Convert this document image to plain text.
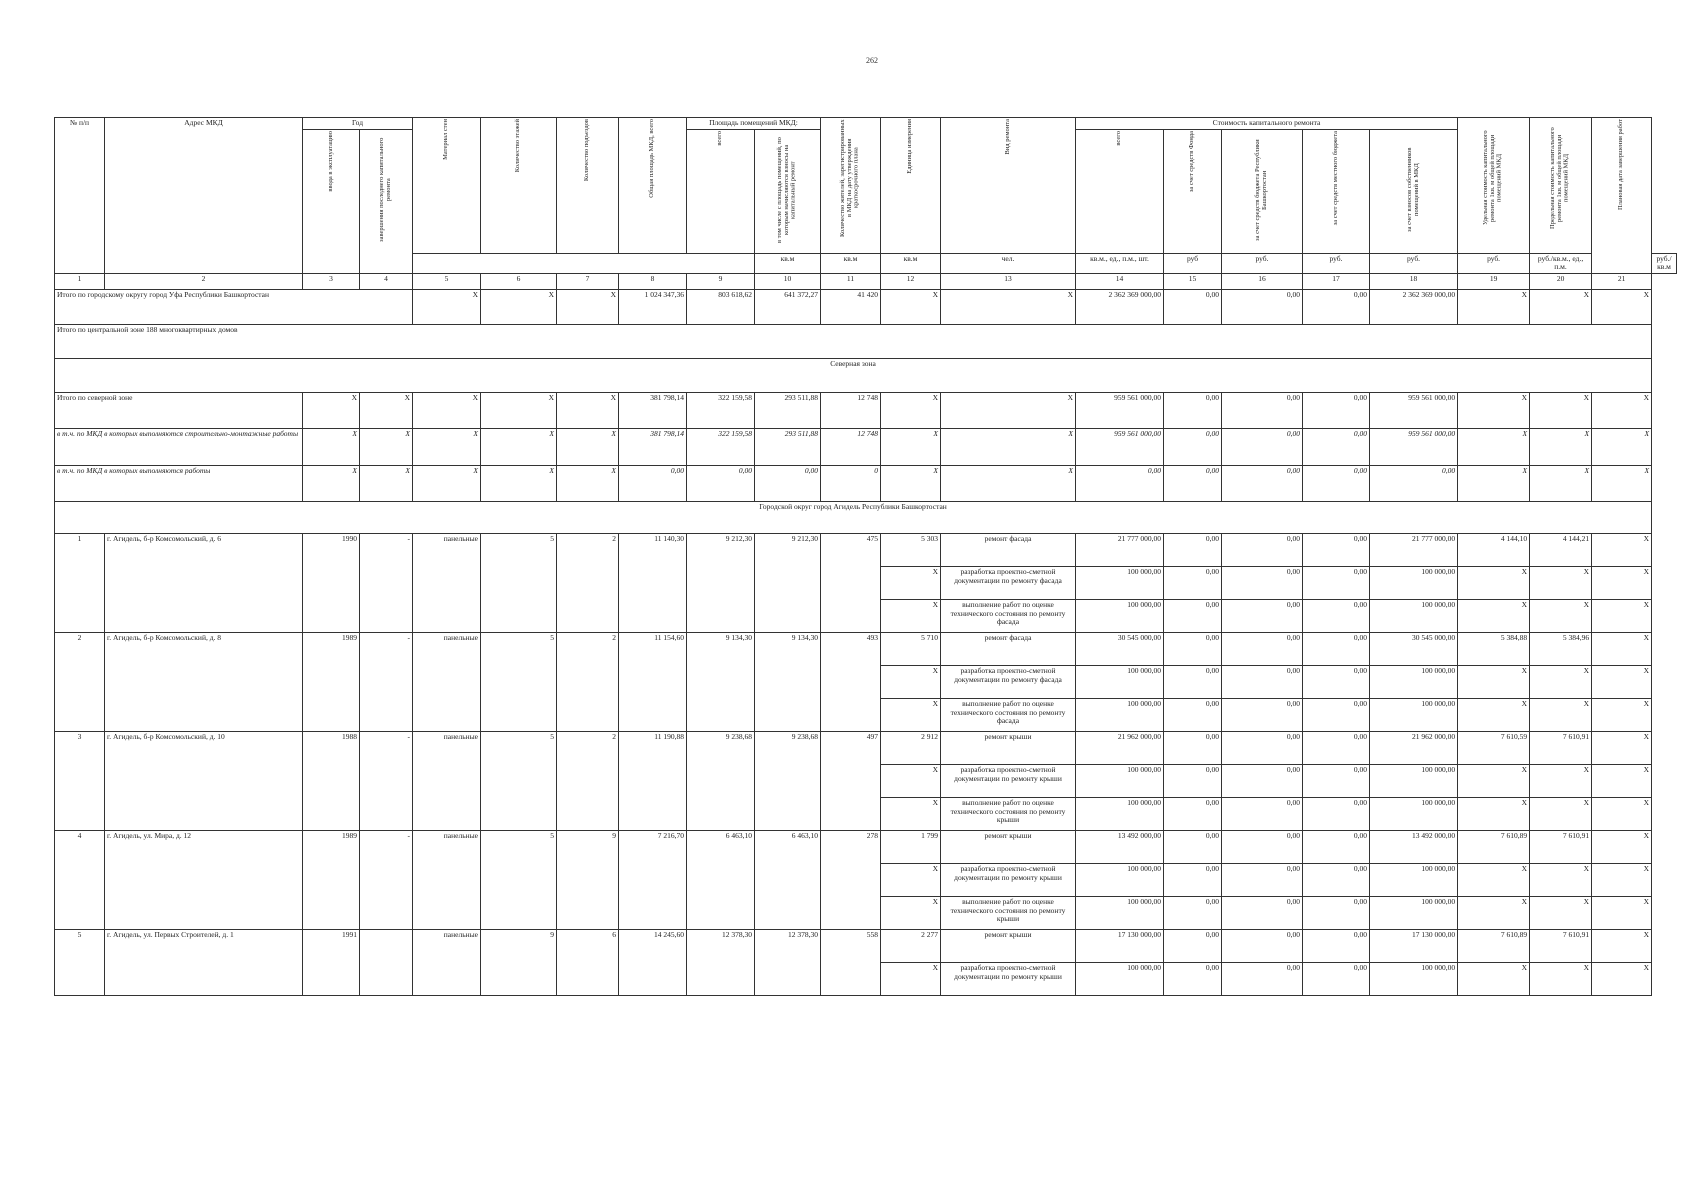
262
№ п/п	Адрес МКД	Год		Материал стен	Количество этажей	Количество подъездов	Общая площадь МКД, всего	Площадь помещений МКД:		Количество жителей, зарегистрированных в МКД на дату утверждения краткосрочного плана	Единица измерения	Вид ремонта	Стоимость капитального ремонта					Удельная стоимость капитального ремонта 1кв. м общей площади помещений МКД	Предельная стоимость капитального ремонта 1кв. м общей площади помещений МКД	Плановая дата завершения работ	
		ввода в эксплуатацию	завершения последнего капитального ремонта					всего	в том числе с площадь помещений, по которым начисляются взносы на капитальный ремонт				всего	за счет средств Фонда	за счет средств бюджета Республики Башкортостан	за счет средств местного бюджета	за счет взносов собственников помещений в МКД				
									кв.м	кв.м	кв.м	чел.	кв.м., ед., п.м., шт.	руб	руб.	руб.	руб.	руб.	руб./кв.м., ед., п.м.		руб./кв.м
1	2	3	4	5	6	7	8	9	10	11	12	13	14	15	16	17	18	19	20	21	
Итого по городскому округу город Уфа Республики Башкортостан				X	X	X	1 024 347,36	803 618,62	641 372,27	41 420	X	X	2 362 369 000,00	0,00	0,00	0,00	2 362 369 000,00	X	X	X	
Итого по центральной зоне 188 многоквартирных домов																					
Северная зона																					
Итого по северной зоне		X	X	X	X	X	381 798,14	322 159,58	293 511,88	12 748	X	X	959 561 000,00	0,00	0,00	0,00	959 561 000,00	X	X	X	
в т.ч. по МКД в которых выполняются строительно-монтажные работы		X	X	X	X	X	381 798,14	322 159,58	293 511,88	12 748	X	X	959 561 000,00	0,00	0,00	0,00	959 561 000,00	X	X	X	
в т.ч. по МКД в которых выполняются работы		X	X	X	X	X	0,00	0,00	0,00	0	X	X	0,00	0,00	0,00	0,00	0,00	X	X	X	
Городской округ город Агидель Республики Башкортостан																					
1	г. Агидель, б-р Комсомольский, д. 6	1990	-	панельные	5	2	11 140,30	9 212,30	9 212,30	475	5 303	ремонт фасада	21 777 000,00	0,00	0,00	0,00	21 777 000,00	4 144,10	4 144,21	X	
											X	разработка проектно-сметной документации по ремонту фасада	100 000,00	0,00	0,00	0,00	100 000,00	X	X	X	
											X	выполнение работ по оценке технического состояния по ремонту фасада	100 000,00	0,00	0,00	0,00	100 000,00	X	X	X	
2	г. Агидель, б-р Комсомольский, д. 8	1989	-	панельные	5	2	11 154,60	9 134,30	9 134,30	493	5 710	ремонт фасада	30 545 000,00	0,00	0,00	0,00	30 545 000,00	5 384,88	5 384,96	X	
											X	разработка проектно-сметной документации по ремонту фасада	100 000,00	0,00	0,00	0,00	100 000,00	X	X	X	
											X	выполнение работ по оценке технического состояния по ремонту фасада	100 000,00	0,00	0,00	0,00	100 000,00	X	X	X	
3	г. Агидель, б-р Комсомольский, д. 10	1988	-	панельные	5	2	11 190,88	9 238,68	9 238,68	497	2 912	ремонт крыши	21 962 000,00	0,00	0,00	0,00	21 962 000,00	7 610,59	7 610,91	X	
											X	разработка проектно-сметной документации по ремонту крыши	100 000,00	0,00	0,00	0,00	100 000,00	X	X	X	
											X	выполнение работ по оценке технического состояния по ремонту крыши	100 000,00	0,00	0,00	0,00	100 000,00	X	X	X	
4	г. Агидель, ул. Мира, д. 12	1989	-	панельные	5	9	7 216,70	6 463,10	6 463,10	278	1 799	ремонт крыши	13 492 000,00	0,00	0,00	0,00	13 492 000,00	7 610,89	7 610,91	X	
											X	разработка проектно-сметной документации по ремонту крыши	100 000,00	0,00	0,00	0,00	100 000,00	X	X	X	
											X	выполнение работ по оценке технического состояния по ремонту крыши	100 000,00	0,00	0,00	0,00	100 000,00	X	X	X	
5	г. Агидель, ул. Первых Строителей, д. 1	1991		панельные	9	6	14 245,60	12 378,30	12 378,30	558	2 277	ремонт крыши	17 130 000,00	0,00	0,00	0,00	17 130 000,00	7 610,89	7 610,91	X	
											X	разработка проектно-сметной документации по ремонту крыши	100 000,00	0,00	0,00	0,00	100 000,00	X	X	X	
